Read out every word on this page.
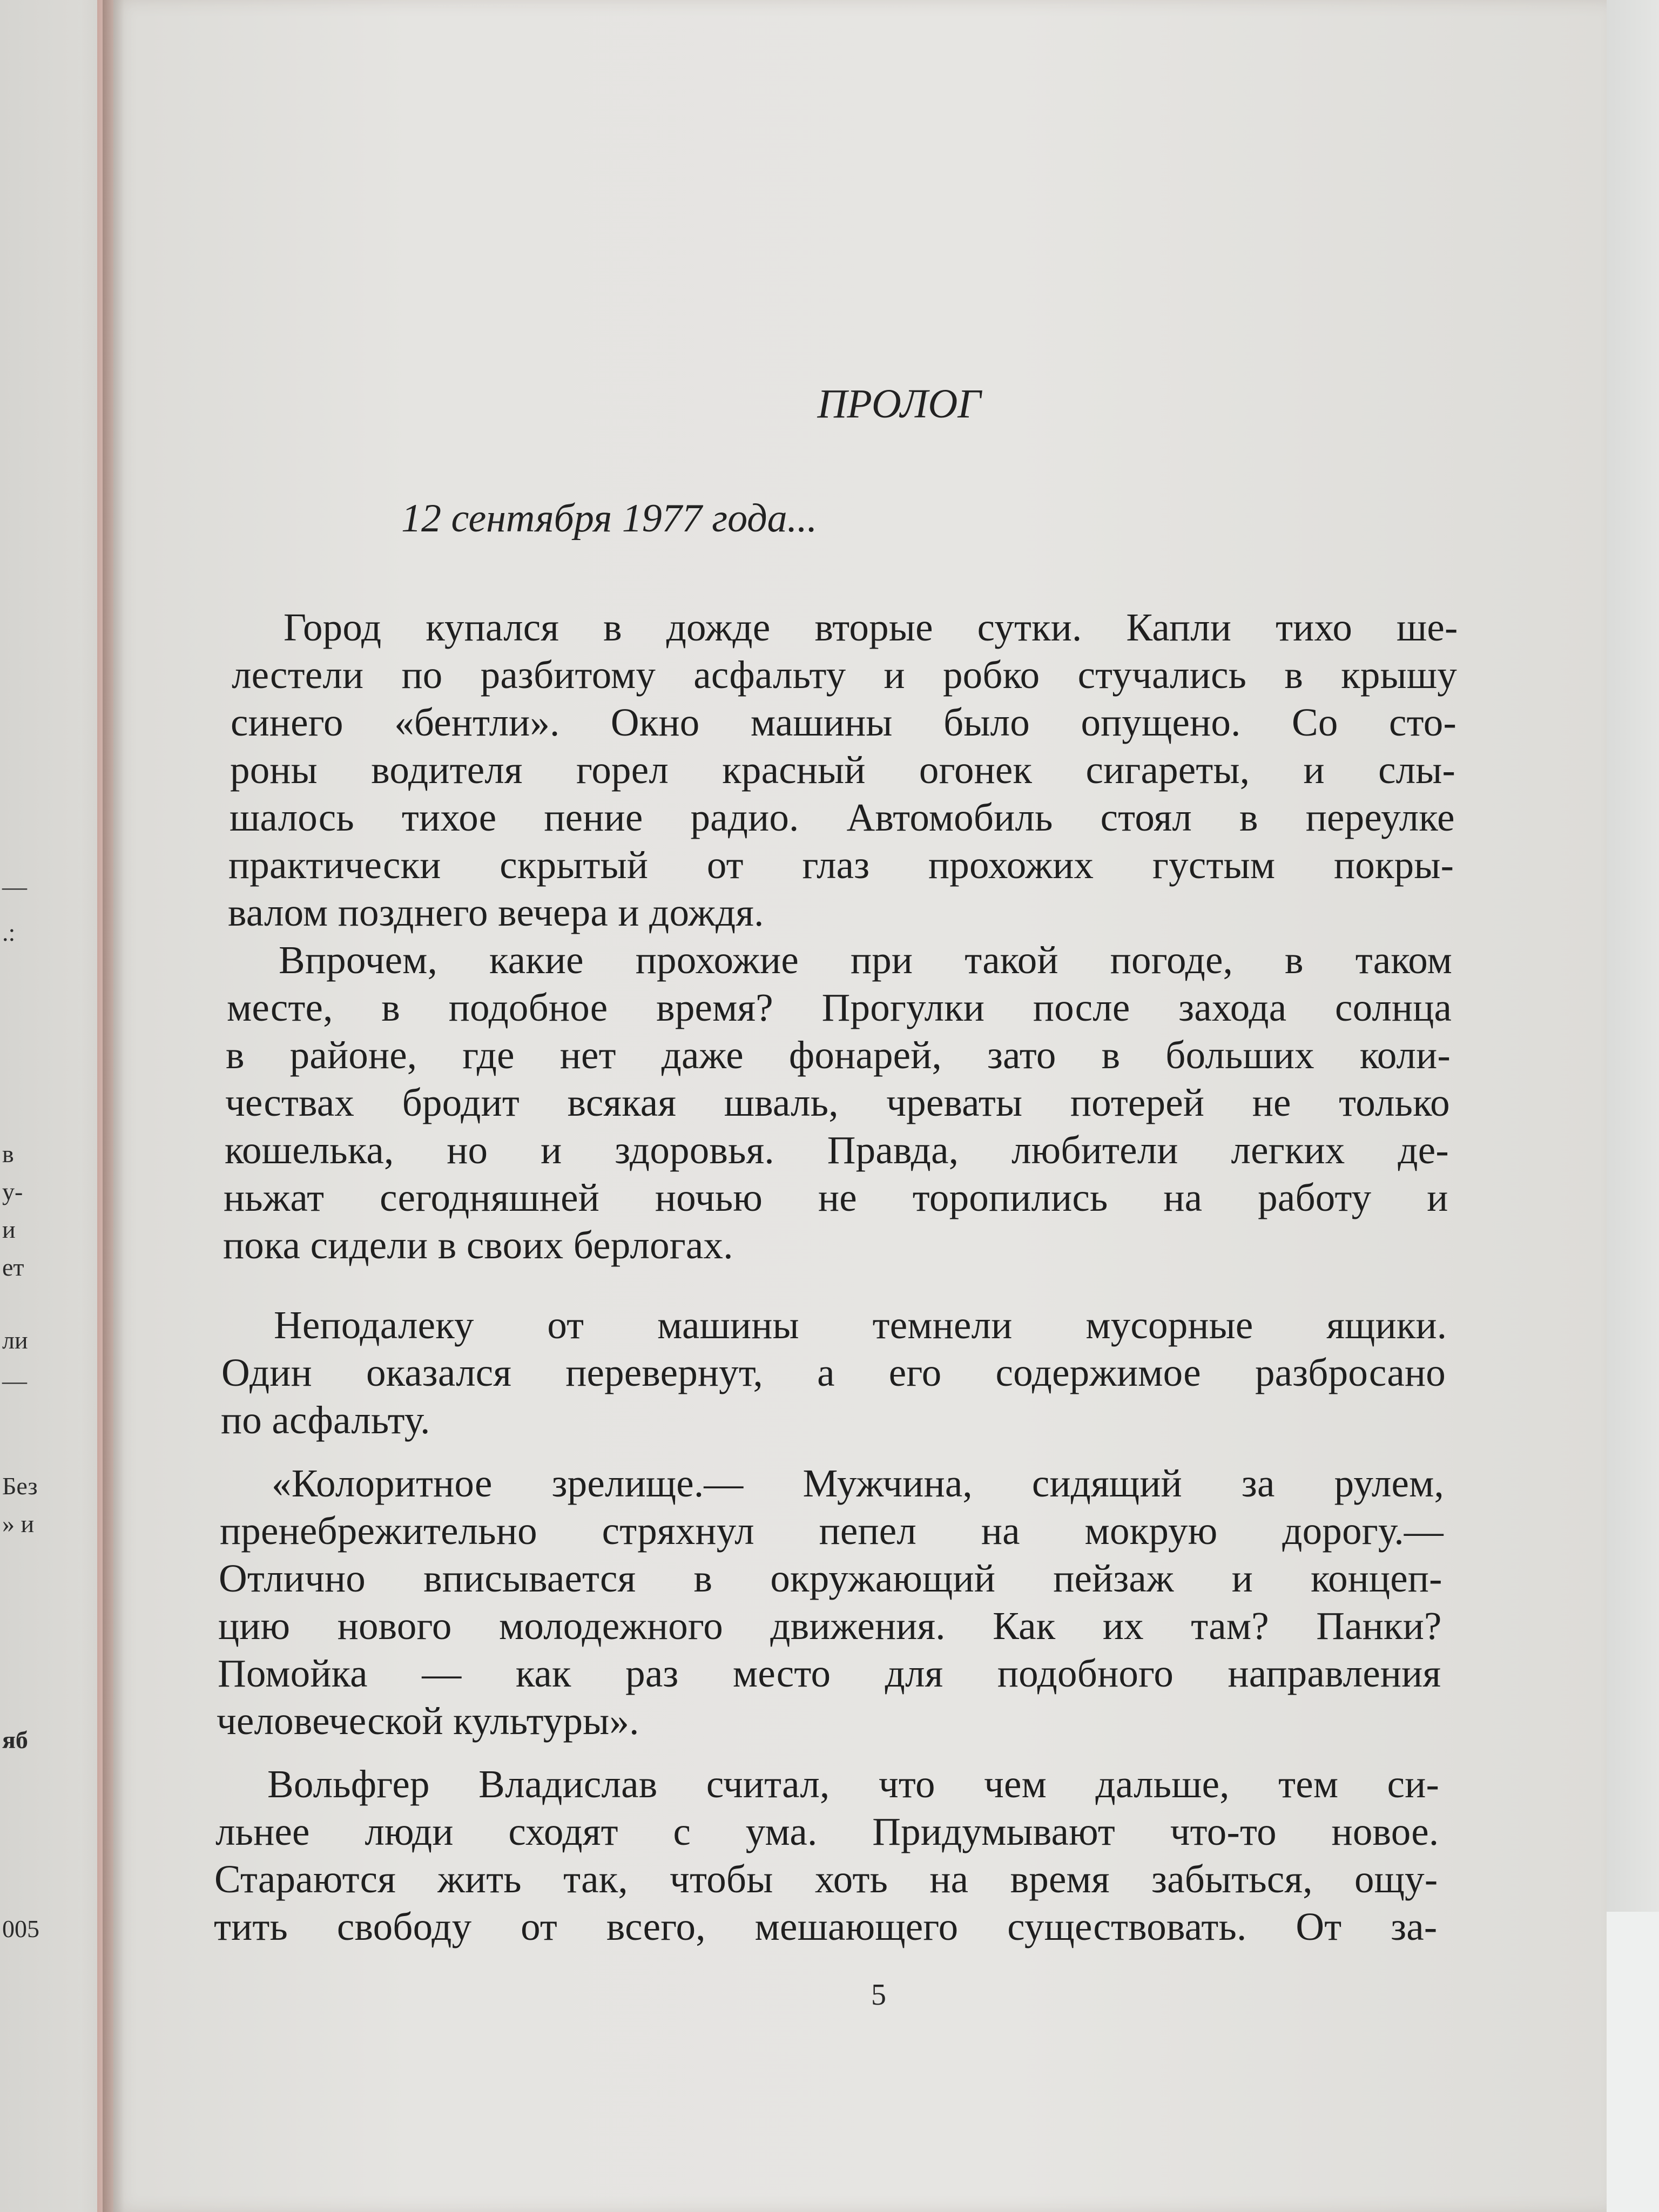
—
.:
в
у-
и
ет
ли
—
Без
» и
яб
005
ПРОЛОГ
12 сентября 1977 года...
Город купался в дожде вторые сутки. Капли тихо ше-
лестели по разбитому асфальту и робко стучались в крышу
синего «бентли». Окно машины было опущено. Со сто-
роны водителя горел красный огонек сигареты, и слы-
шалось тихое пение радио. Автомобиль стоял в переулке
практически скрытый от глаз прохожих густым покры-
валом позднего вечера и дождя.
Впрочем, какие прохожие при такой погоде, в таком
месте, в подобное время? Прогулки после захода солнца
в районе, где нет даже фонарей, зато в больших коли-
чествах бродит всякая шваль, чреваты потерей не только
кошелька, но и здоровья. Правда, любители легких де-
ньжат сегодняшней ночью не торопились на работу и
пока сидели в своих берлогах.
Неподалеку от машины темнели мусорные ящики.
Один оказался перевернут, а его содержимое разбросано
по асфальту.
«Колоритное зрелище.— Мужчина, сидящий за рулем,
пренебрежительно стряхнул пепел на мокрую дорогу.—
Отлично вписывается в окружающий пейзаж и концеп-
цию нового молодежного движения. Как их там? Панки?
Помойка — как раз место для подобного направления
человеческой культуры».
Вольфгер Владислав считал, что чем дальше, тем си-
льнее люди сходят с ума. Придумывают что-то новое.
Стараются жить так, чтобы хоть на время забыться, ощу-
тить свободу от всего, мешающего существовать. От за-
5
